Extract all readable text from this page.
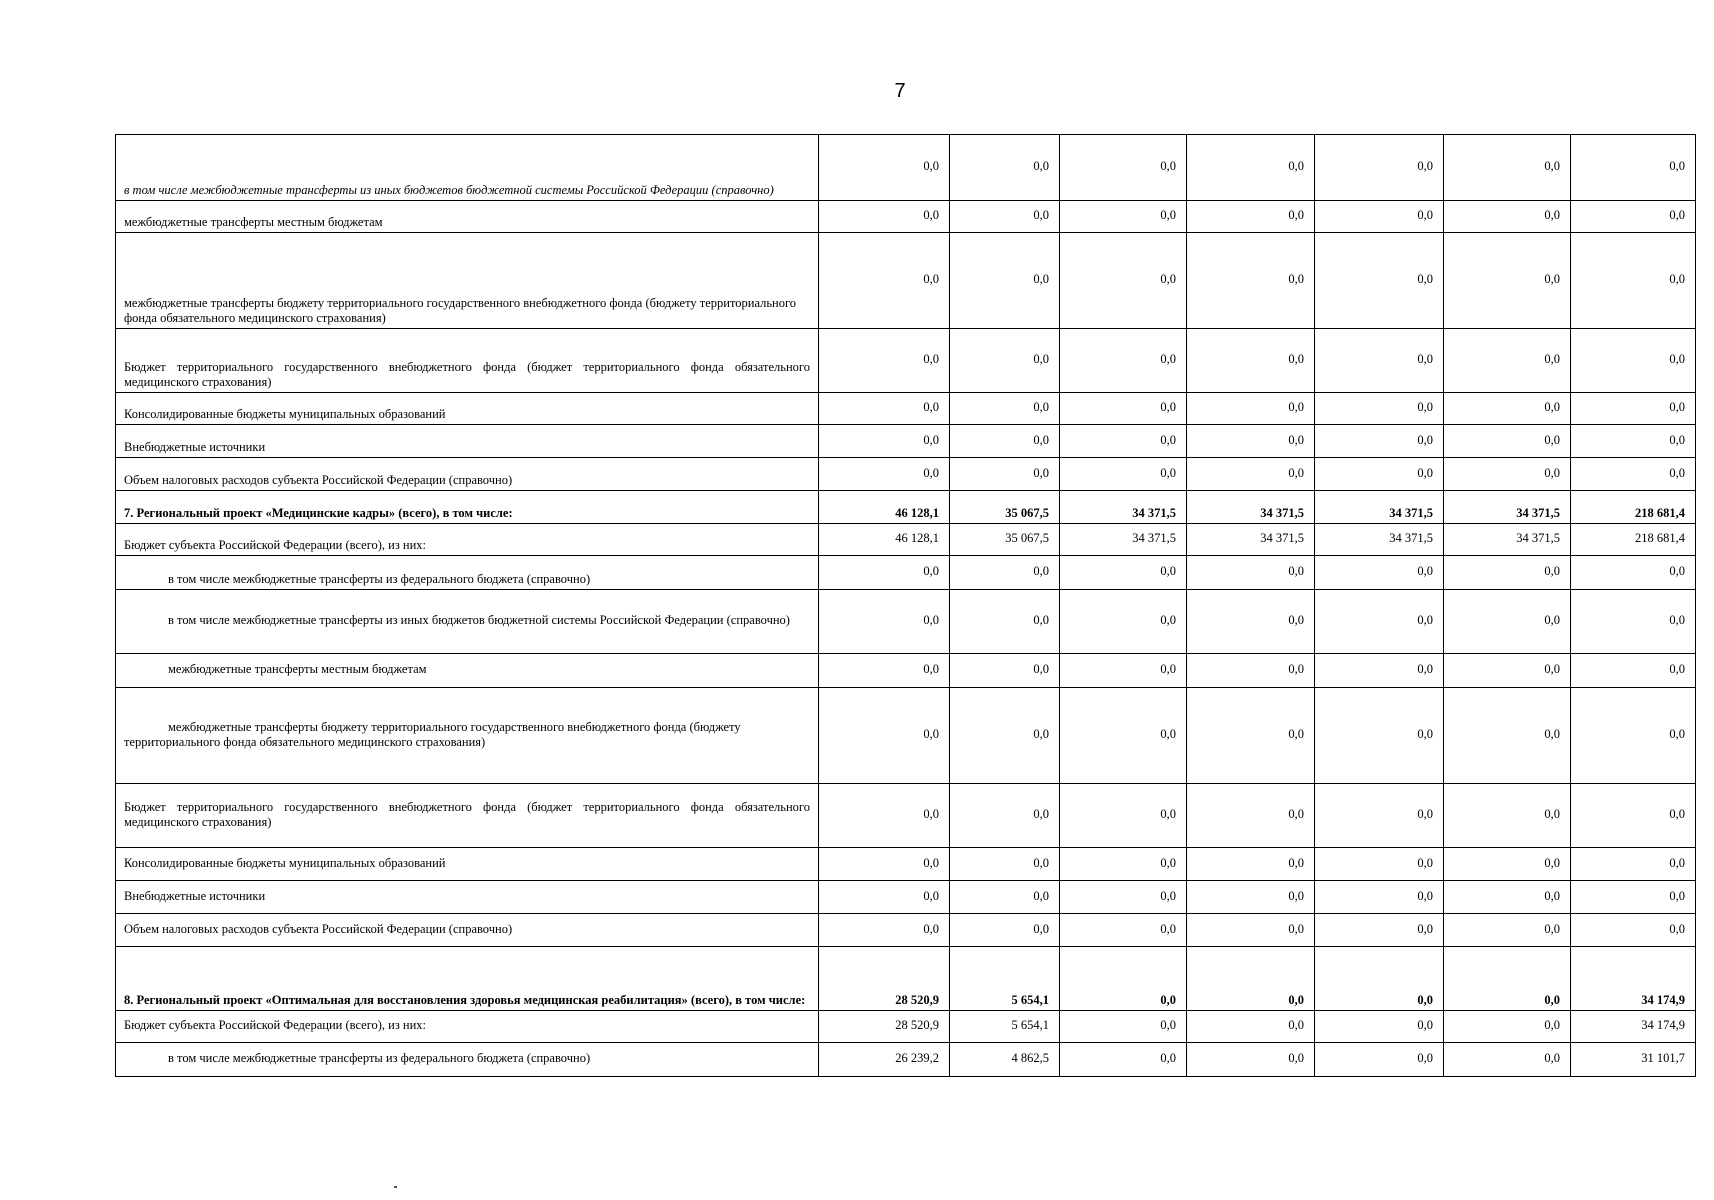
7
в том числе межбюджетные трансферты из иных бюджетов бюджетной системы Российской Федерации (справочно)	0,0	0,0	0,0	0,0	0,0	0,0	0,0
межбюджетные трансферты местным бюджетам	0,0	0,0	0,0	0,0	0,0	0,0	0,0
межбюджетные трансферты бюджету территориального государственного внебюджетного фонда (бюджету территориального фонда обязательного медицинского страхования)	0,0	0,0	0,0	0,0	0,0	0,0	0,0
Бюджет территориального государственного внебюджетного фонда (бюджет территориального фонда обязательного медицинского страхования)	0,0	0,0	0,0	0,0	0,0	0,0	0,0
Консолидированные бюджеты муниципальных образований	0,0	0,0	0,0	0,0	0,0	0,0	0,0
Внебюджетные источники	0,0	0,0	0,0	0,0	0,0	0,0	0,0
Объем налоговых расходов субъекта Российской Федерации (справочно)	0,0	0,0	0,0	0,0	0,0	0,0	0,0
7. Региональный проект «Медицинские кадры» (всего), в том числе:	46 128,1	35 067,5	34 371,5	34 371,5	34 371,5	34 371,5	218 681,4
Бюджет субъекта Российской Федерации (всего), из них:	46 128,1	35 067,5	34 371,5	34 371,5	34 371,5	34 371,5	218 681,4
в том числе межбюджетные трансферты из федерального бюджета (справочно)	0,0	0,0	0,0	0,0	0,0	0,0	0,0
в том числе межбюджетные трансферты из иных бюджетов бюджетной системы Российской Федерации (справочно)	0,0	0,0	0,0	0,0	0,0	0,0	0,0
межбюджетные трансферты местным бюджетам	0,0	0,0	0,0	0,0	0,0	0,0	0,0
межбюджетные трансферты бюджету территориального государственного внебюджетного фонда (бюджету территориального фонда обязательного медицинского страхования)	0,0	0,0	0,0	0,0	0,0	0,0	0,0
Бюджет территориального государственного внебюджетного фонда (бюджет территориального фонда обязательного медицинского страхования)	0,0	0,0	0,0	0,0	0,0	0,0	0,0
Консолидированные бюджеты муниципальных образований	0,0	0,0	0,0	0,0	0,0	0,0	0,0
Внебюджетные источники	0,0	0,0	0,0	0,0	0,0	0,0	0,0
Объем налоговых расходов субъекта Российской Федерации (справочно)	0,0	0,0	0,0	0,0	0,0	0,0	0,0
8. Региональный проект «Оптимальная для восстановления здоровья медицинская реабилитация» (всего), в том числе:	28 520,9	5 654,1	0,0	0,0	0,0	0,0	34 174,9
Бюджет субъекта Российской Федерации (всего), из них:	28 520,9	5 654,1	0,0	0,0	0,0	0,0	34 174,9
в том числе межбюджетные трансферты из федерального бюджета (справочно)	26 239,2	4 862,5	0,0	0,0	0,0	0,0	31 101,7
